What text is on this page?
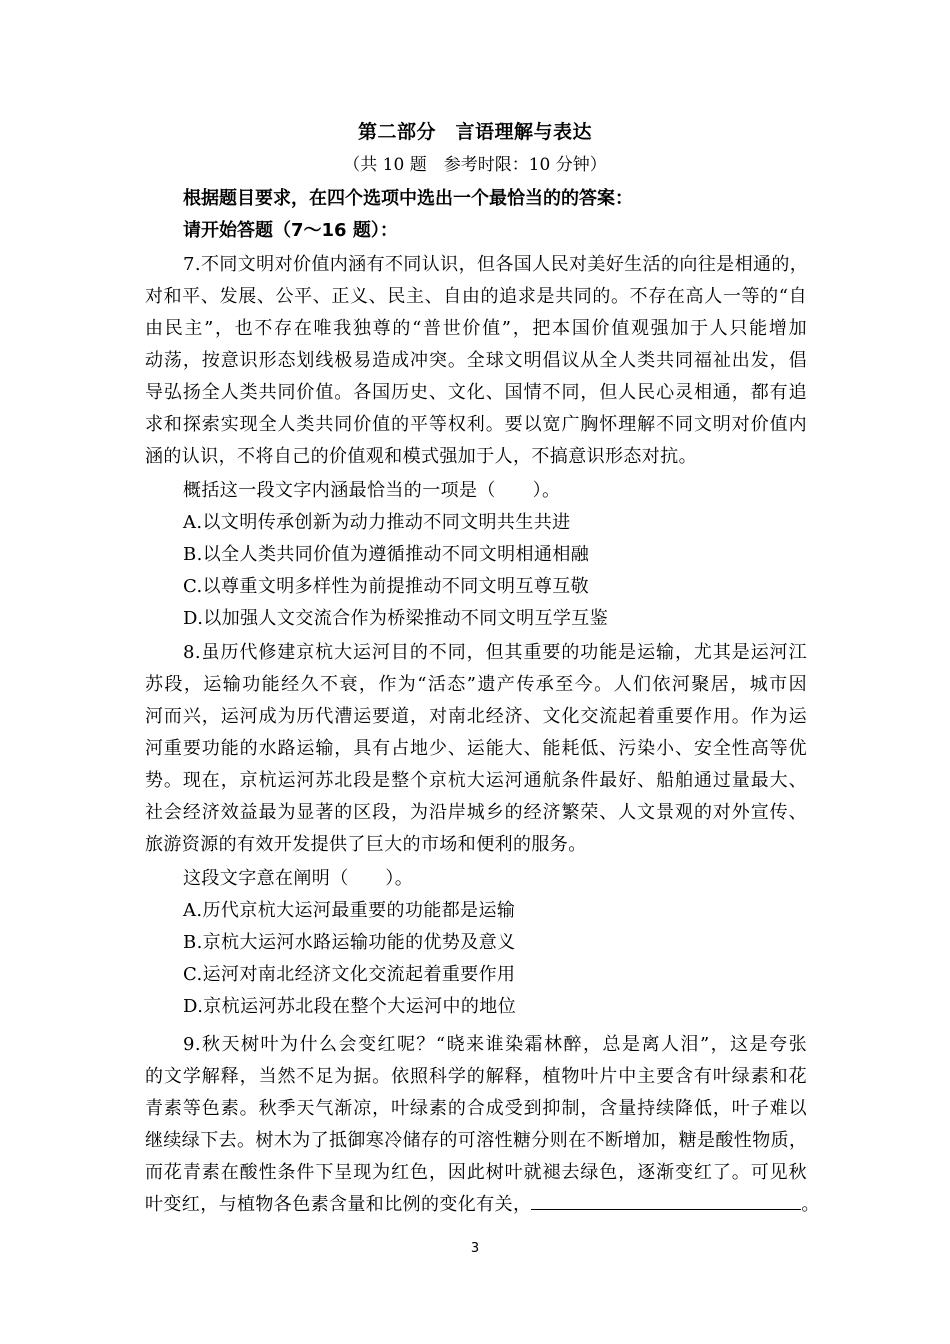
第二部分　言语理解与表达
（共 10 题　参考时限：10 分钟）
根据题目要求，在四个选项中选出一个最恰当的的答案：
请开始答题（7～16 题）：
7.不同文明对价值内涵有不同认识，但各国人民对美好生活的向往是相通的，
对和平、发展、公平、正义、民主、自由的追求是共同的。不存在高人一等的“自
由民主”，也不存在唯我独尊的“普世价值”，把本国价值观强加于人只能增加
动荡，按意识形态划线极易造成冲突。全球文明倡议从全人类共同福祉出发，倡
导弘扬全人类共同价值。各国历史、文化、国情不同，但人民心灵相通，都有追
求和探索实现全人类共同价值的平等权利。要以宽广胸怀理解不同文明对价值内
涵的认识，不将自己的价值观和模式强加于人，不搞意识形态对抗。
概括这一段文字内涵最恰当的一项是（　　）。
A.以文明传承创新为动力推动不同文明共生共进
B.以全人类共同价值为遵循推动不同文明相通相融
C.以尊重文明多样性为前提推动不同文明互尊互敬
D.以加强人文交流合作为桥梁推动不同文明互学互鉴
8.虽历代修建京杭大运河目的不同，但其重要的功能是运输，尤其是运河江
苏段，运输功能经久不衰，作为“活态”遗产传承至今。人们依河聚居，城市因
河而兴，运河成为历代漕运要道，对南北经济、文化交流起着重要作用。作为运
河重要功能的水路运输，具有占地少、运能大、能耗低、污染小、安全性高等优
势。现在，京杭运河苏北段是整个京杭大运河通航条件最好、船舶通过量最大、
社会经济效益最为显著的区段，为沿岸城乡的经济繁荣、人文景观的对外宣传、
旅游资源的有效开发提供了巨大的市场和便利的服务。
这段文字意在阐明（　　）。
A.历代京杭大运河最重要的功能都是运输
B.京杭大运河水路运输功能的优势及意义
C.运河对南北经济文化交流起着重要作用
D.京杭运河苏北段在整个大运河中的地位
9.秋天树叶为什么会变红呢？“晓来谁染霜林醉，总是离人泪”，这是夸张
的文学解释，当然不足为据。依照科学的解释，植物叶片中主要含有叶绿素和花
青素等色素。秋季天气渐凉，叶绿素的合成受到抑制，含量持续降低，叶子难以
继续绿下去。树木为了抵御寒冷储存的可溶性糖分则在不断增加，糖是酸性物质，
而花青素在酸性条件下呈现为红色，因此树叶就褪去绿色，逐渐变红了。可见秋
叶变红，与植物各色素含量和比例的变化有关，	。
3
